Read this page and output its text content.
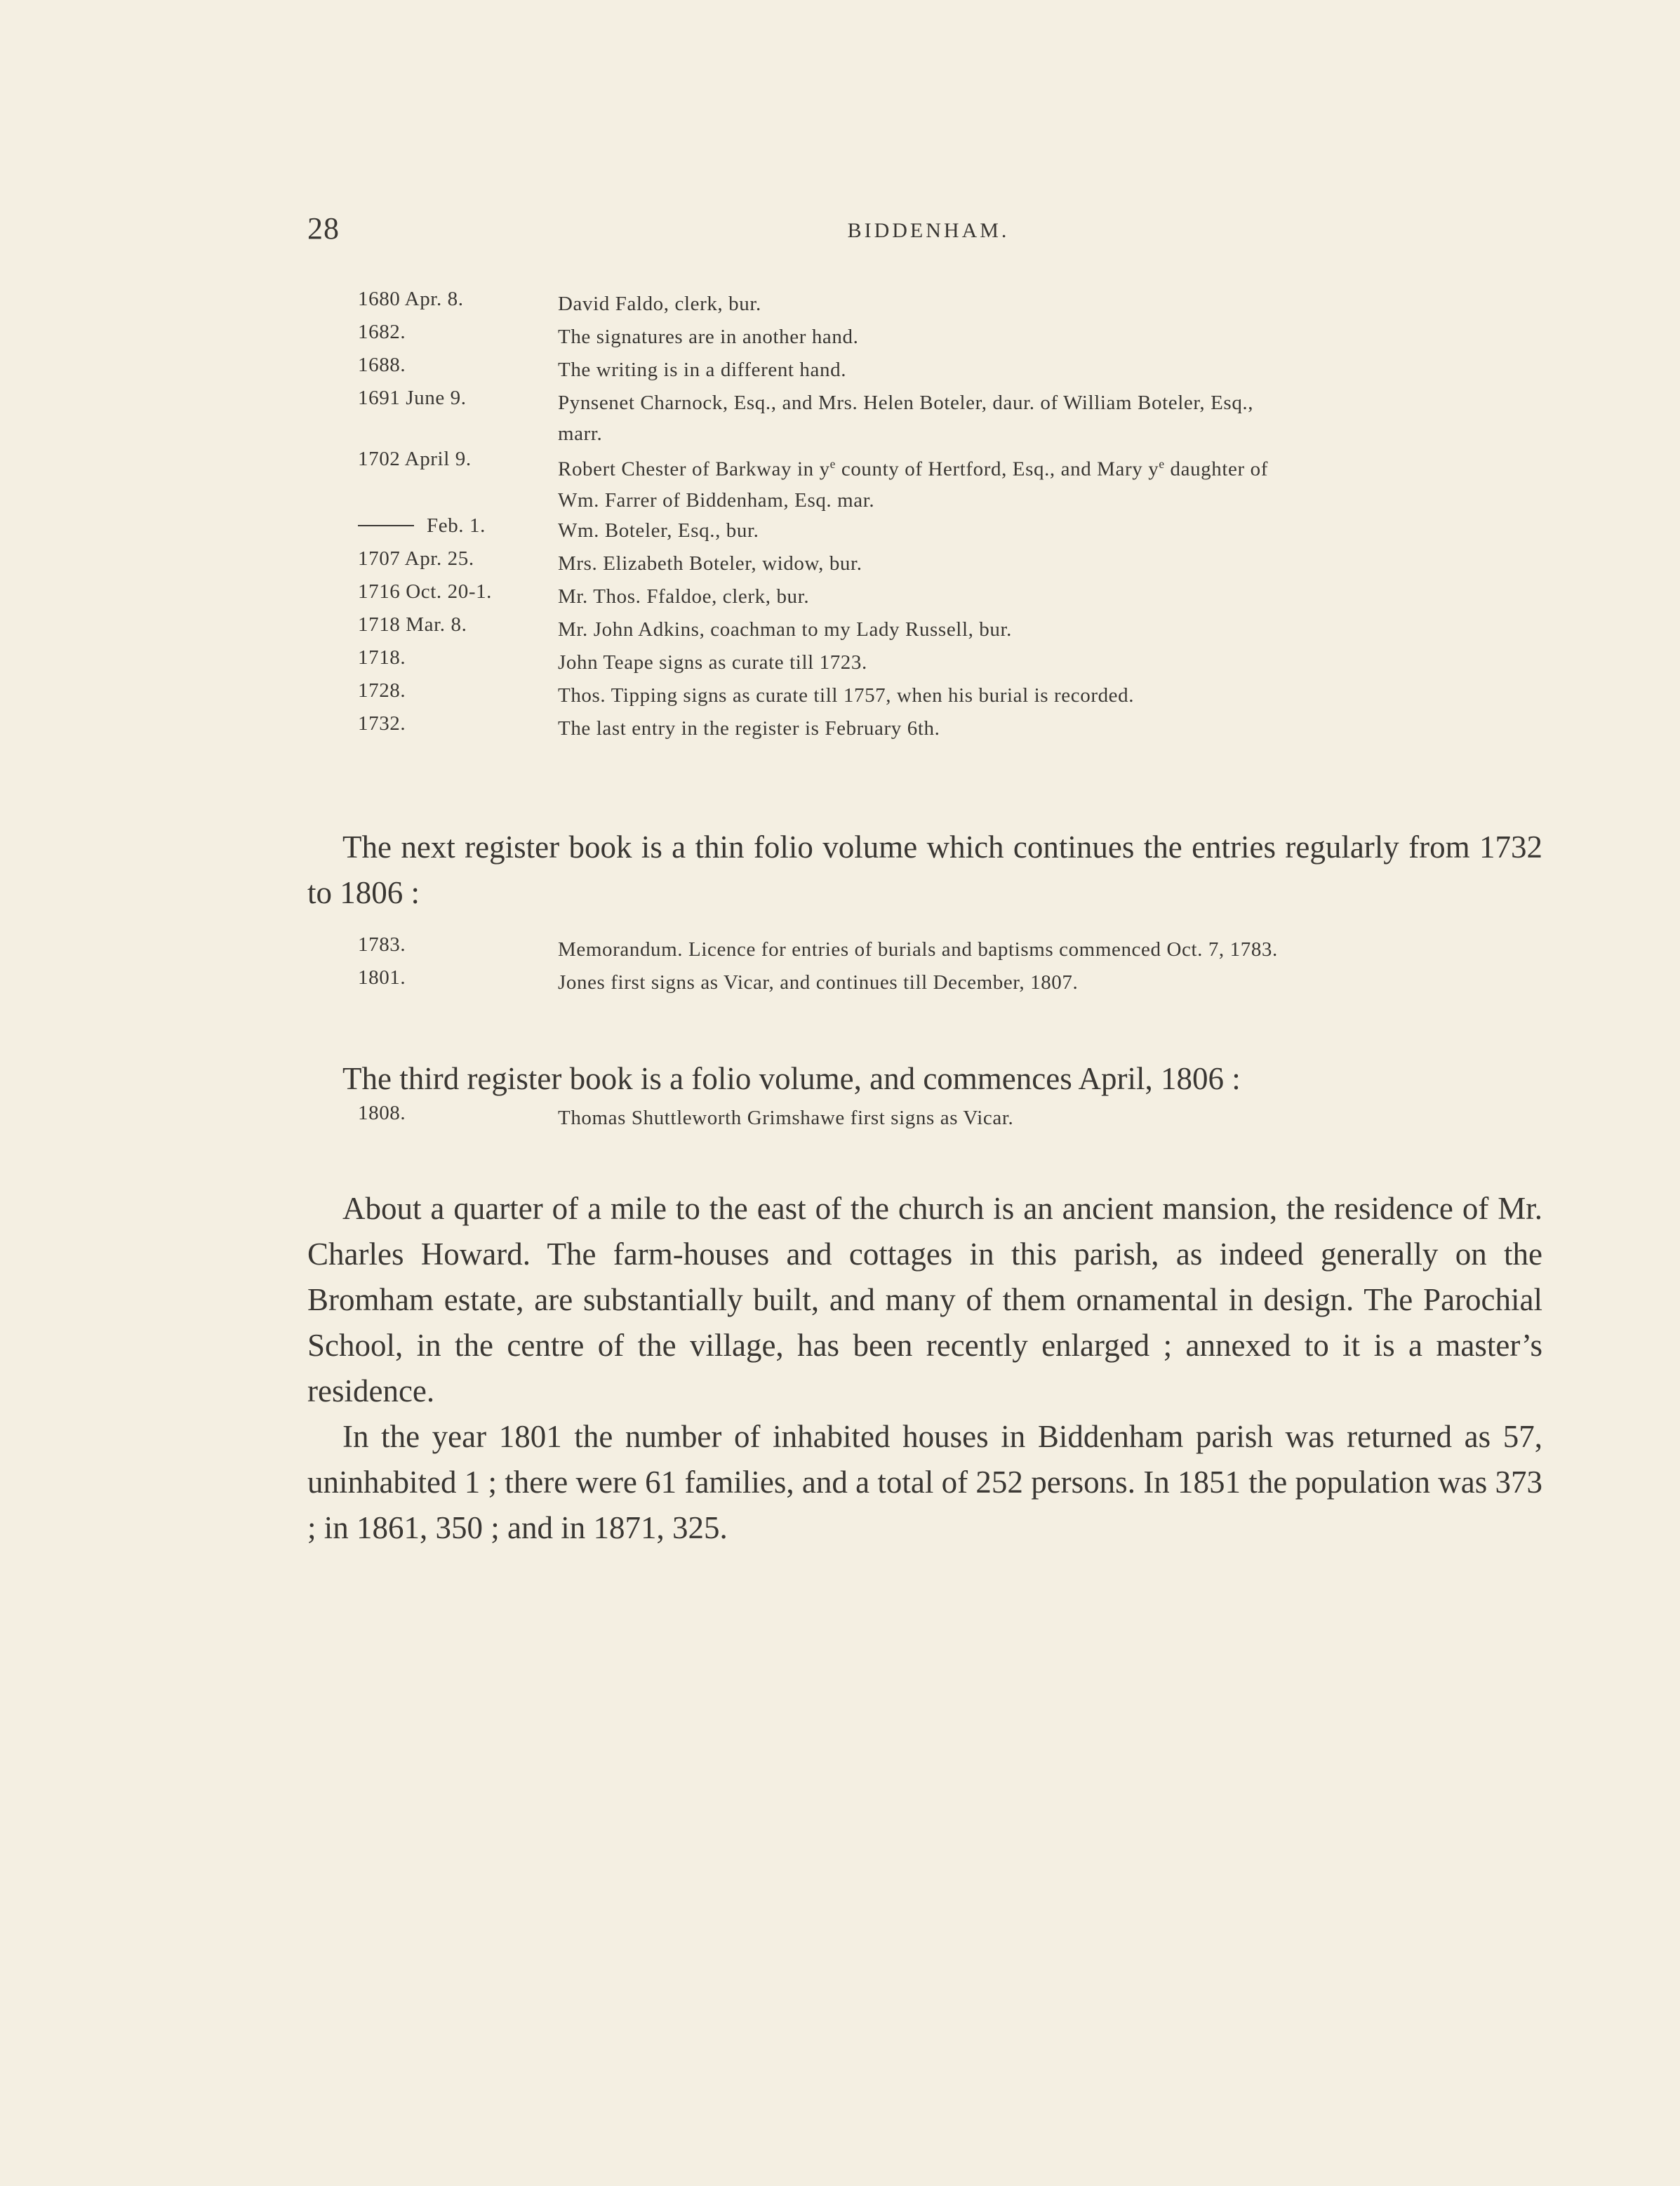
28	BIDDENHAM.
1680 Apr. 8.	David Faldo, clerk, bur.
1682.	The signatures are in another hand.
1688.	The writing is in a different hand.
1691 June 9.	Pynsenet Charnock, Esq., and Mrs. Helen Boteler, daur. of William Boteler, Esq.,
marr.
1702 April 9.	Robert Chester of Barkway in $y^e$ county of Hertford, Esq., and Mary $y^e$ daughter of
Wm. Farrer of Biddenham, Esq. mar.
Feb. 1.	Wm. Boteler, Esq., bur.
1707 Apr. 25.	Mrs. Elizabeth Boteler, widow, bur.
1716 Oct. 20-1.	Mr. Thos. Ffaldoe, clerk, bur.
1718 Mar. 8.	Mr. John Adkins, coachman to my Lady Russell, bur.
1718.	John Teape signs as curate till 1723.
1728.	Thos. Tipping signs as curate till 1757, when his burial is recorded.
1732.	The last entry in the register is February 6th.

The next register book is a thin folio volume which continues the entries regularly from 1732 to 1806 :

1783.	Memorandum. Licence for entries of burials and baptisms commenced Oct. 7, 1783.
1801.	Jones first signs as Vicar, and continues till December, 1807.

The third register book is a folio volume, and commences April, 1806 :

1808.	Thomas Shuttleworth Grimshawe first signs as Vicar.

About a quarter of a mile to the east of the church is an ancient mansion, the residence of Mr. Charles Howard. The farm-houses and cottages in this parish, as indeed generally on the Bromham estate, are substantially built, and many of them ornamental in design. The Parochial School, in the centre of the village, has been recently enlarged ; annexed to it is a master’s residence.

In the year 1801 the number of inhabited houses in Biddenham parish was returned as 57, uninhabited 1 ; there were 61 families, and a total of 252 persons. In 1851 the population was 373 ; in 1861, 350 ; and in 1871, 325.
